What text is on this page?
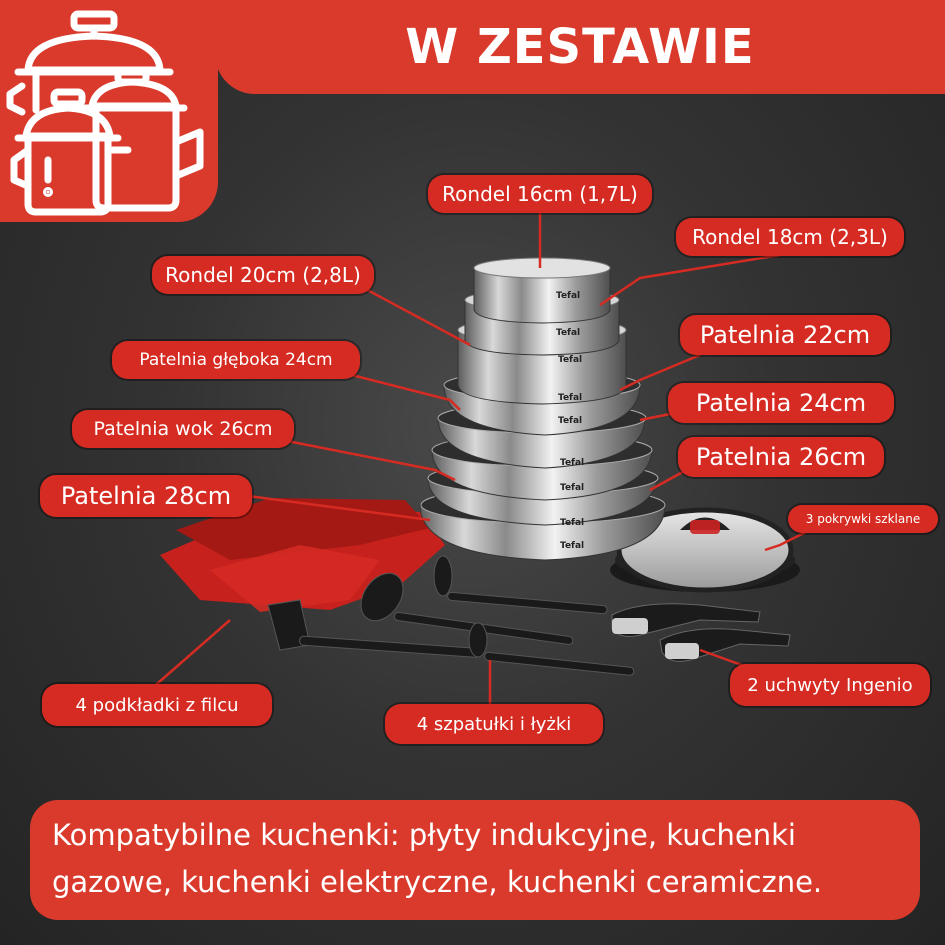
W ZESTAWIE
Tefal
Tefal
Tefal
Tefal
Tefal
Tefal
Tefal
Tefal
Tefal
Rondel 16cm (1,7L)
Rondel 18cm (2,3L)
Rondel 20cm (2,8L)
Patelnia 22cm
Patelnia głęboka 24cm
Patelnia 24cm
Patelnia wok 26cm
Patelnia 26cm
Patelnia 28cm
3 pokrywki szklane
4 podkładki z filcu
4 szpatułki i łyżki
2 uchwyty Ingenio
Kompatybilne kuchenki: płyty indukcyjne, kuchenki gazowe, kuchenki elektryczne, kuchenki ceramiczne.
